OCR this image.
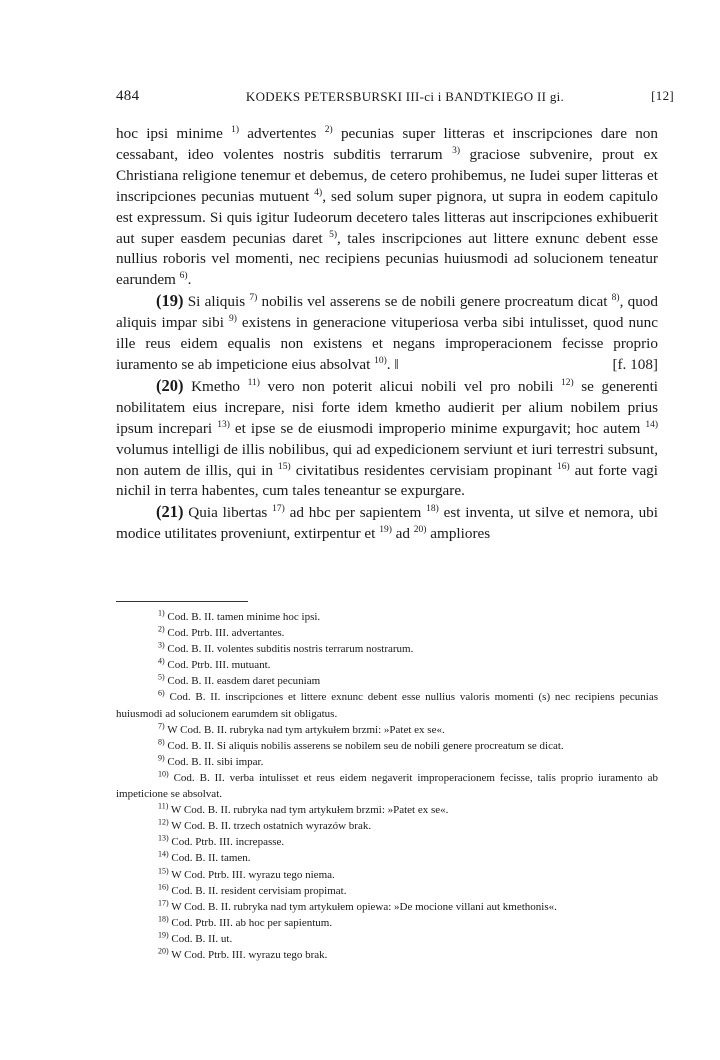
484	KODEKS PETERSBURSKI III-ci i BANDTKIEGO II gi.	[12]

hoc ipsi minime $^{1)}$ advertentes $^{2)}$ pecunias super litteras et inscripciones dare non cessabant, ideo volentes nostris subditis terrarum $^{3)}$ graciose subvenire, prout ex Christiana religione tenemur et debemus, de cetero prohibemus, ne Iudei super litteras et inscripciones pecunias mutuent $^{4)}$, sed solum super pignora, ut supra in eodem capitulo est expressum. Si quis igitur Iudeorum decetero tales litteras aut inscripciones exhibuerit aut super easdem pecunias daret $^{5)}$, tales inscripciones aut littere exnunc debent esse nullius roboris vel momenti, nec recipiens pecunias huiusmodi ad solucionem teneatur earundem $^{6)}$.

(19) Si aliquis $^{7)}$ nobilis vel asserens se de nobili genere procreatum dicat $^{8)}$, quod aliquis impar sibi $^{9)}$ existens in generacione vituperiosa verba sibi intulisset, quod nunc ille reus eidem equalis non existens et negans improperacionem fecisse proprio iuramento se ab impeticione eius absolvat $^{10)}$. ‖	[f. 108]

(20) Kmetho $^{11)}$ vero non poterit alicui nobili vel pro nobili $^{12)}$ se generenti nobilitatem eius increpare, nisi forte idem kmetho audierit per alium nobilem prius ipsum increpari $^{13)}$ et ipse se de eiusmodi improperio minime expurgavit; hoc autem $^{14)}$ volumus intelligi de illis nobilibus, qui ad expedicionem serviunt et iuri terrestri subsunt, non autem de illis, qui in $^{15)}$ civitatibus residentes cervisiam propinant $^{16)}$ aut forte vagi nichil in terra habentes, cum tales teneantur se expurgare.

(21) Quia libertas $^{17)}$ ad hbc per sapientem $^{18)}$ est inventa, ut silve et nemora, ubi modice utilitates proveniunt, extirpentur et $^{19)}$ ad $^{20)}$ ampliores

$^{1)}$ Cod. B. II. tamen minime hoc ipsi.

$^{2)}$ Cod. Ptrb. III. advertantes.

$^{3)}$ Cod. B. II. volentes subditis nostris terrarum nostrarum.

$^{4)}$ Cod. Ptrb. III. mutuant.

$^{5)}$ Cod. B. II. easdem daret pecuniam

$^{6)}$ Cod. B. II. inscripciones et littere exnunc debent esse nullius valoris momenti (s) nec recipiens pecunias huiusmodi ad solucionem earumdem sit obligatus.

$^{7)}$ W Cod. B. II. rubryka nad tym artykułem brzmi: »Patet ex se«.

$^{8)}$ Cod. B. II. Si aliquis nobilis asserens se nobilem seu de nobili genere procreatum se dicat.

$^{9)}$ Cod. B. II. sibi impar.

$^{10)}$ Cod. B. II. verba intulisset et reus eidem negaverit improperacionem fecisse, talis proprio iuramento ab impeticione se absolvat.

$^{11)}$ W Cod. B. II. rubryka nad tym artykułem brzmi: »Patet ex se«.

$^{12)}$ W Cod. B. II. trzech ostatnich wyrazów brak.

$^{13)}$ Cod. Ptrb. III. increpasse.

$^{14)}$ Cod. B. II. tamen.

$^{15)}$ W Cod. Ptrb. III. wyrazu tego niema.

$^{16)}$ Cod. B. II. resident cervisiam propimat.

$^{17)}$ W Cod. B. II. rubryka nad tym artykułem opiewa: »De mocione villani aut kmethonis«.

$^{18)}$ Cod. Ptrb. III. ab hoc per sapientum.

$^{19)}$ Cod. B. II. ut.

$^{20)}$ W Cod. Ptrb. III. wyrazu tego brak.
